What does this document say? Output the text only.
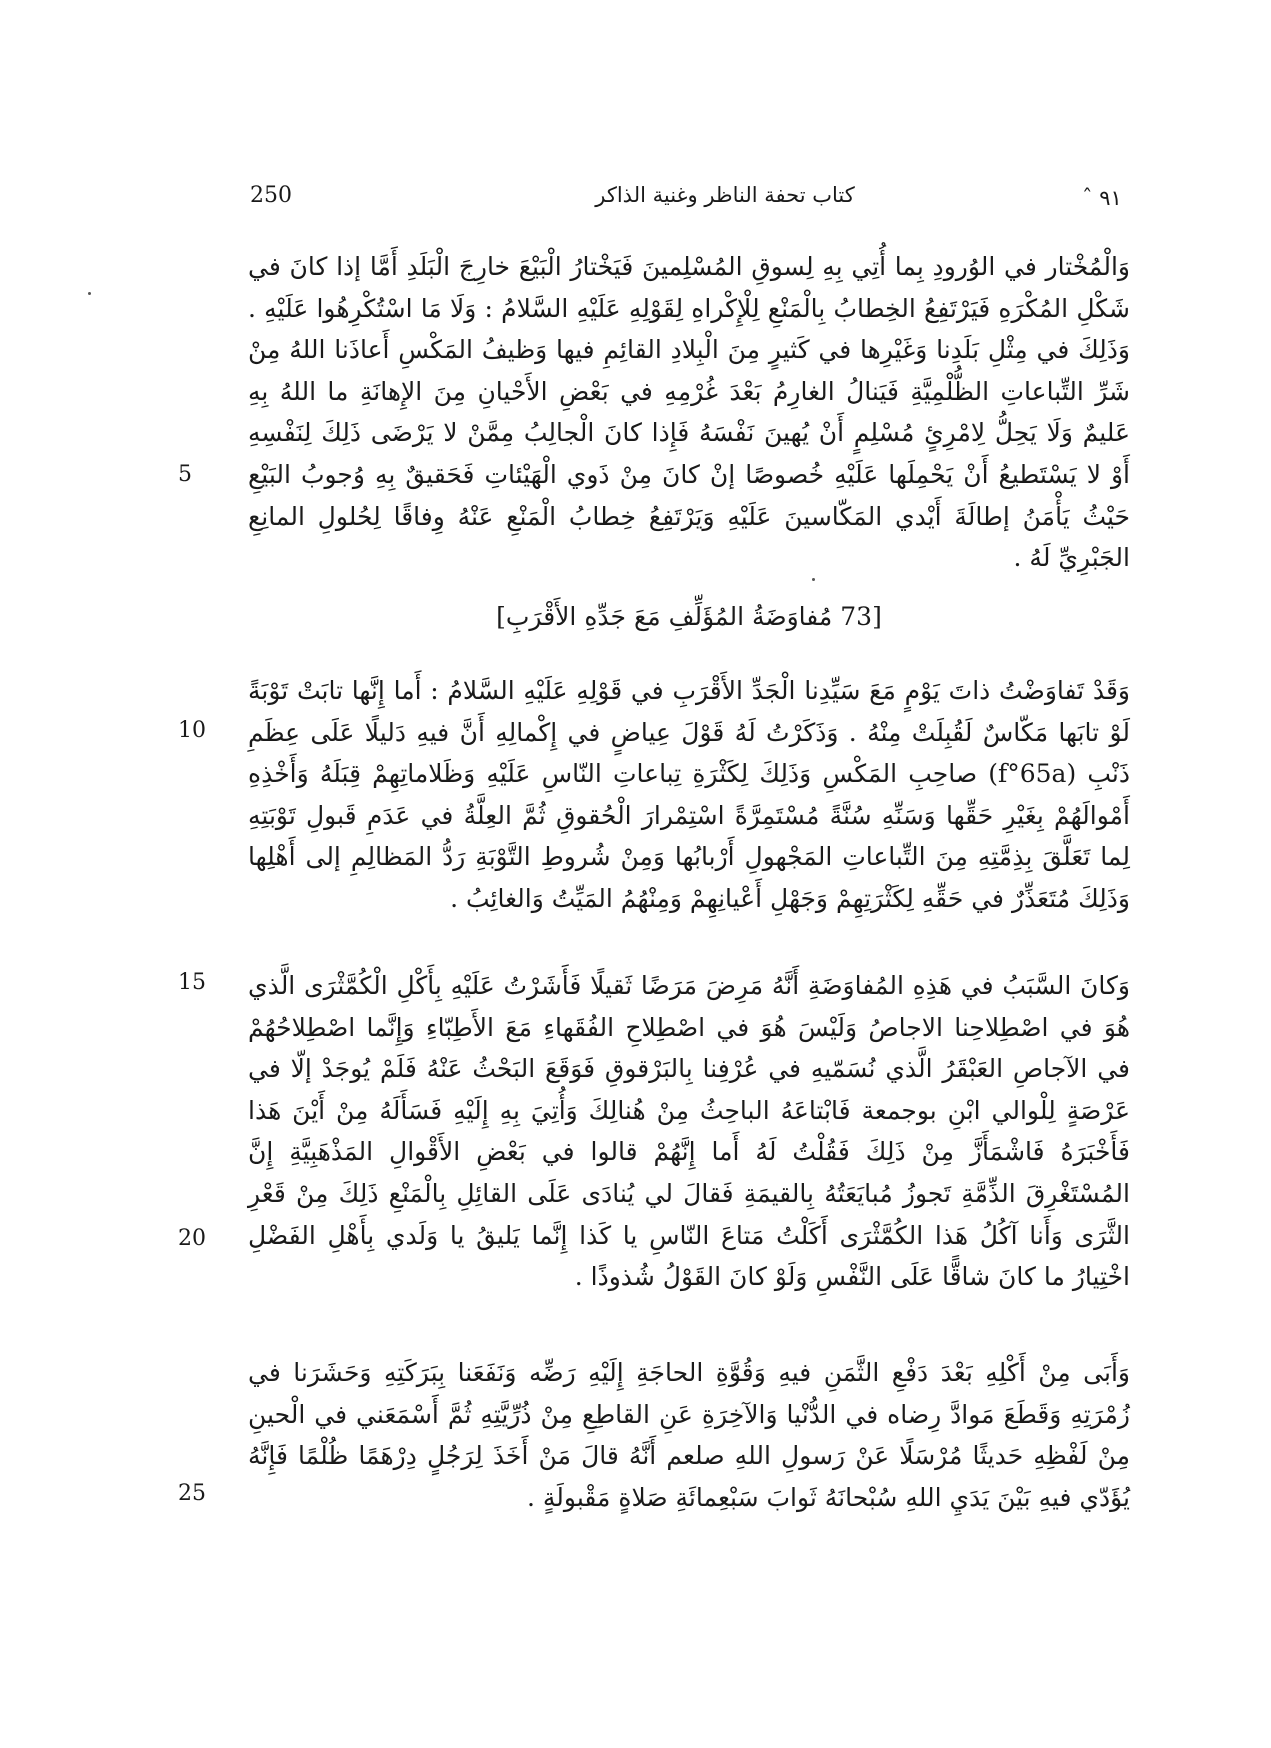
250	كتاب تحفة الناظر وغنية الذاكر	٩١ ˆ

وَالْمُخْتار في الوُرودِ بِما أُتِي بِهِ لِسوقِ المُسْلِمينَ فَيَخْتارُ الْبَيْعَ خارِجَ الْبَلَدِ أَمَّا إذا كانَ في شَكْلِ المُكْرَهِ فَيَرْتَفِعُ الخِطابُ بِالْمَنْعِ لِلْإِكْراهِ لِقَوْلِهِ عَلَيْهِ السَّلامُ : وَلَا مَا اسْتُكْرِهُوا عَلَيْهِ . وَذَلِكَ في مِثْلِ بَلَدِنا وَغَيْرِها في كَثيرٍ مِنَ الْبِلادِ القائِمِ فيها وَظيفُ المَكْسِ أَعاذَنا اللهُ مِنْ شَرِّ التِّباعاتِ الظُّلْمِيَّةِ فَيَنالُ الغارِمُ بَعْدَ غُرْمِهِ في بَعْضِ الأَحْيانِ مِنَ الإِهانَةِ ما اللهُ بِهِ عَليمٌ وَلَا يَحِلُّ لِامْرِئٍ مُسْلِمٍ أَنْ يُهينَ نَفْسَهُ فَإِذا كانَ الْجالِبُ مِمَّنْ لا يَرْضَى ذَلِكَ لِنَفْسِهِ أَوْ لا يَسْتَطيعُ أَنْ يَحْمِلَها عَلَيْهِ خُصوصًا إنْ كانَ مِنْ ذَوي الْهَيْئاتِ فَحَقيقٌ بِهِ وُجوبُ البَيْعِ حَيْثُ يَأْمَنُ إطالَةَ أَيْدي المَكّاسينَ عَلَيْهِ وَيَرْتَفِعُ خِطابُ الْمَنْعِ عَنْهُ وِفاقًا لِحُلولِ المانِعِ الجَبْرِيِّ لَهُ .

[73 مُفاوَضَةُ المُؤَلِّفِ مَعَ جَدِّهِ الأَقْرَبِ]

وَقَدْ تَفاوَضْتُ ذاتَ يَوْمٍ مَعَ سَيِّدِنا الْجَدِّ الأَقْرَبِ في قَوْلِهِ عَلَيْهِ السَّلامُ : أَما إِنَّها تابَتْ تَوْبَةً لَوْ تابَها مَكّاسٌ لَقُبِلَتْ مِنْهُ . وَذَكَرْتُ لَهُ قَوْلَ عِياضٍ في إِكْمالِهِ أَنَّ فيهِ دَليلًا عَلَى عِظَمِ ذَنْبِ (f°65a) صاحِبِ المَكْسِ وَذَلِكَ لِكَثْرَةِ تِباعاتِ النّاسِ عَلَيْهِ وَظَلاماتِهِمْ قِبَلَهُ وَأَخْذِهِ أَمْوالَهُمْ بِغَيْرِ حَقِّها وَسَنِّهِ سُنَّةً مُسْتَمِرَّةً اسْتِمْرارَ الْحُقوقِ ثُمَّ العِلَّةُ في عَدَمِ قَبولِ تَوْبَتِهِ لِما تَعَلَّقَ بِذِمَّتِهِ مِنَ التِّباعاتِ المَجْهولِ أَرْبابُها وَمِنْ شُروطِ التَّوْبَةِ رَدُّ المَظالِمِ إلى أَهْلِها وَذَلِكَ مُتَعَذِّرٌ في حَقِّهِ لِكَثْرَتِهِمْ وَجَهْلِ أَعْيانِهِمْ وَمِنْهُمُ المَيِّتُ وَالغائِبُ .

وَكانَ السَّبَبُ في هَذِهِ المُفاوَضَةِ أَنَّهُ مَرِضَ مَرَضًا ثَقيلًا فَأَشَرْتُ عَلَيْهِ بِأَكْلِ الْكُمَّثْرَى الَّذي هُوَ في اصْطِلاحِنا الاجاصُ وَلَيْسَ هُوَ في اصْطِلاحِ الفُقَهاءِ مَعَ الأَطِبّاءِ وَإِنَّما اصْطِلاحُهُمْ في الآجاصِ العَبْقَرُ الَّذي نُسَمّيهِ في عُرْفِنا بِالبَرْقوقِ فَوَقَعَ البَحْثُ عَنْهُ فَلَمْ يُوجَدْ إلّا في عَرْصَةٍ لِلْوالي ابْنِ بوجمعة فَابْتاعَهُ الباحِثُ مِنْ هُنالِكَ وَأُتِيَ بِهِ إِلَيْهِ فَسَأَلَهُ مِنْ أَيْنَ هَذا فَأَخْبَرَهُ فَاشْمَأَزَّ مِنْ ذَلِكَ فَقُلْتُ لَهُ أَما إِنَّهُمْ قالوا في بَعْضِ الأَقْوالِ المَذْهَبِيَّةِ إِنَّ المُسْتَغْرِقَ الذِّمَّةِ تَجوزُ مُبايَعَتُهُ بِالقيمَةِ فَقالَ لي يُنادَى عَلَى القائِلِ بِالْمَنْعِ ذَلِكَ مِنْ قَعْرِ الثَّرَى وَأَنا آكُلُ هَذا الكُمَّثْرَى أَكَلْتُ مَتاعَ النّاسِ يا كَذا إِنَّما يَليقُ يا وَلَدي بِأَهْلِ الفَضْلِ اخْتِيارُ ما كانَ شاقًّا عَلَى النَّفْسِ وَلَوْ كانَ القَوْلُ شُذوذًا .

وَأَبَى مِنْ أَكْلِهِ بَعْدَ دَفْعِ الثَّمَنِ فيهِ وَقُوَّةِ الحاجَةِ إِلَيْهِ رَضِّه وَنَفَعَنا بِبَرَكَتِهِ وَحَشَرَنا في زُمْرَتِهِ وَقَطَعَ مَوادَّ رِضاه في الدُّنْيا وَالآخِرَةِ عَنِ القاطِعِ مِنْ ذُرِّيَّتِهِ ثُمَّ أَسْمَعَني في الْحينِ مِنْ لَفْظِهِ حَديثًا مُرْسَلًا عَنْ رَسولِ اللهِ صلعم أَنَّهُ قالَ مَنْ أَخَذَ لِرَجُلٍ دِرْهَمًا ظُلْمًا فَإِنَّهُ يُؤَدّي فيهِ بَيْنَ يَدَيِ اللهِ سُبْحانَهُ ثَوابَ سَبْعِمائَةِ صَلاةٍ مَقْبولَةٍ .

5
10
15
20
25
